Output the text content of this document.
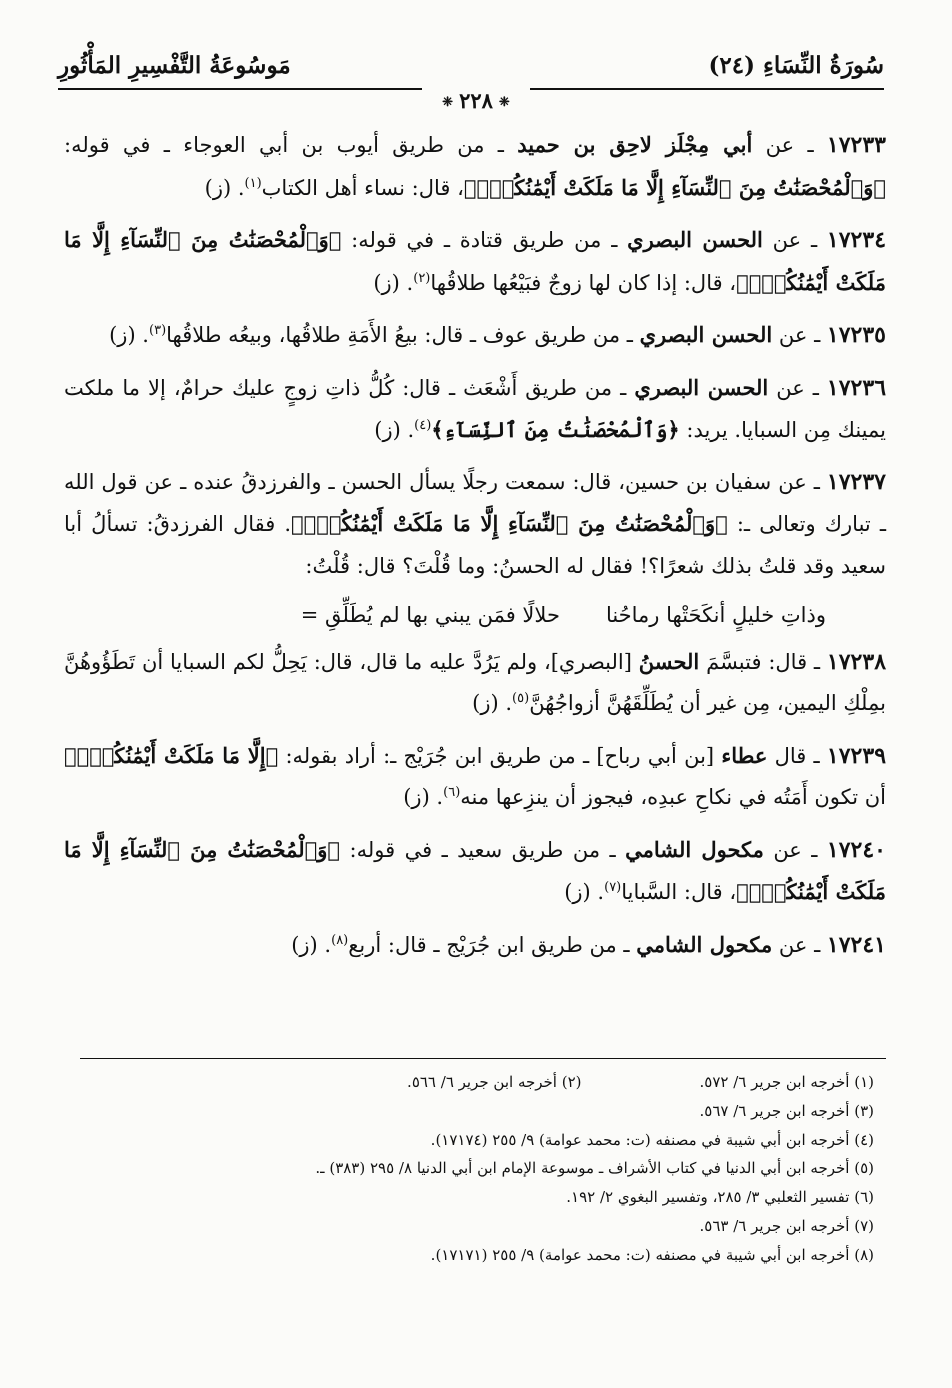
سُورَةُ النِّسَاءِ (٢٤)
مَوسُوعَةُ التَّفْسِيرِ المَأْثُورِ
❈ ٢٢٨ ❈

١٧٢٣٣ ـ عن أبي مِجْلَز لاحِق بن حميد ـ من طريق أيوب بن أبي العوجاء ـ في قوله: ﴿وَٱلْمُحْصَنَٰتُ مِنَ ٱلنِّسَآءِ إِلَّا مَا مَلَكَتْ أَيْمَٰنُكُمْۖ﴾، قال: نساء أهل الكتاب$^{(١)}$. (ز)

١٧٢٣٤ ـ عن الحسن البصري ـ من طريق قتادة ـ في قوله: ﴿وَٱلْمُحْصَنَٰتُ مِنَ ٱلنِّسَآءِ إِلَّا مَا مَلَكَتْ أَيْمَٰنُكُمْۖ﴾، قال: إذا كان لها زوجٌ فبَيْعُها طلاقُها$^{(٢)}$. (ز)

١٧٢٣٥ ـ عن الحسن البصري ـ من طريق عوف ـ قال: بيعُ الأَمَةِ طلاقُها، وبيعُه طلاقُها$^{(٣)}$. (ز)

١٧٢٣٦ ـ عن الحسن البصري ـ من طريق أَشْعَث ـ قال: كُلُّ ذاتِ زوجٍ عليك حرامٌ، إلا ما ملكت يمينك مِن السبايا. يريد: ﴿وَٱلْمُحْصَنَٰتُ مِنَ ٱلنِّسَآءِ﴾$^{(٤)}$. (ز)

١٧٢٣٧ ـ عن سفيان بن حسين، قال: سمعت رجلًا يسأل الحسن ـ والفرزدقُ عنده ـ عن قول الله ـ تبارك وتعالى ـ: ﴿وَٱلْمُحْصَنَٰتُ مِنَ ٱلنِّسَآءِ إِلَّا مَا مَلَكَتْ أَيْمَٰنُكُمْۖ﴾. فقال الفرزدقُ: تسألُ أبا سعيد وقد قلتُ بذلك شعرًا؟! فقال له الحسنُ: وما قُلْتَ؟ قال: قُلْتُ:

وذاتِ خليلٍ أنكَحَتْها رماحُنا
حلالًا فمَن يبني بها لم يُطَلِّقِ =

١٧٢٣٨ ـ قال: فتبسَّمَ الحسنُ [البصري]، ولم يَرُدَّ عليه ما قال، قال: يَحِلُّ لكم السبايا أن تَطَؤُوهُنَّ بمِلْكِ اليمين، مِن غير أن يُطَلِّقَهُنَّ أزواجُهُنَّ$^{(٥)}$. (ز)

١٧٢٣٩ ـ قال عطاء [بن أبي رباح] ـ من طريق ابن جُرَيْج ـ: أراد بقوله: ﴿إِلَّا مَا مَلَكَتْ أَيْمَٰنُكُمْۖ﴾ أن تكون أَمَتُه في نكاحِ عبدِه، فيجوز أن ينزِعها منه$^{(٦)}$. (ز)

١٧٢٤٠ ـ عن مكحول الشامي ـ من طريق سعيد ـ في قوله: ﴿وَٱلْمُحْصَنَٰتُ مِنَ ٱلنِّسَآءِ إِلَّا مَا مَلَكَتْ أَيْمَٰنُكُمْۖ﴾، قال: السَّبايا$^{(٧)}$. (ز)

١٧٢٤١ ـ عن مكحول الشامي ـ من طريق ابن جُرَيْج ـ قال: أربع$^{(٨)}$. (ز)

(١) أخرجه ابن جرير ٦/ ٥٧٢.
(٢) أخرجه ابن جرير ٦/ ٥٦٦.
(٣) أخرجه ابن جرير ٦/ ٥٦٧.
(٤) أخرجه ابن أبي شيبة في مصنفه (ت: محمد عوامة) ٩/ ٢٥٥ (١٧١٧٤).
(٥) أخرجه ابن أبي الدنيا في كتاب الأشراف ـ موسوعة الإمام ابن أبي الدنيا ٨/ ٢٩٥ (٣٨٣) ـ.
(٦) تفسير الثعلبي ٣/ ٢٨٥، وتفسير البغوي ٢/ ١٩٢.
(٧) أخرجه ابن جرير ٦/ ٥٦٣.
(٨) أخرجه ابن أبي شيبة في مصنفه (ت: محمد عوامة) ٩/ ٢٥٥ (١٧١٧١).
